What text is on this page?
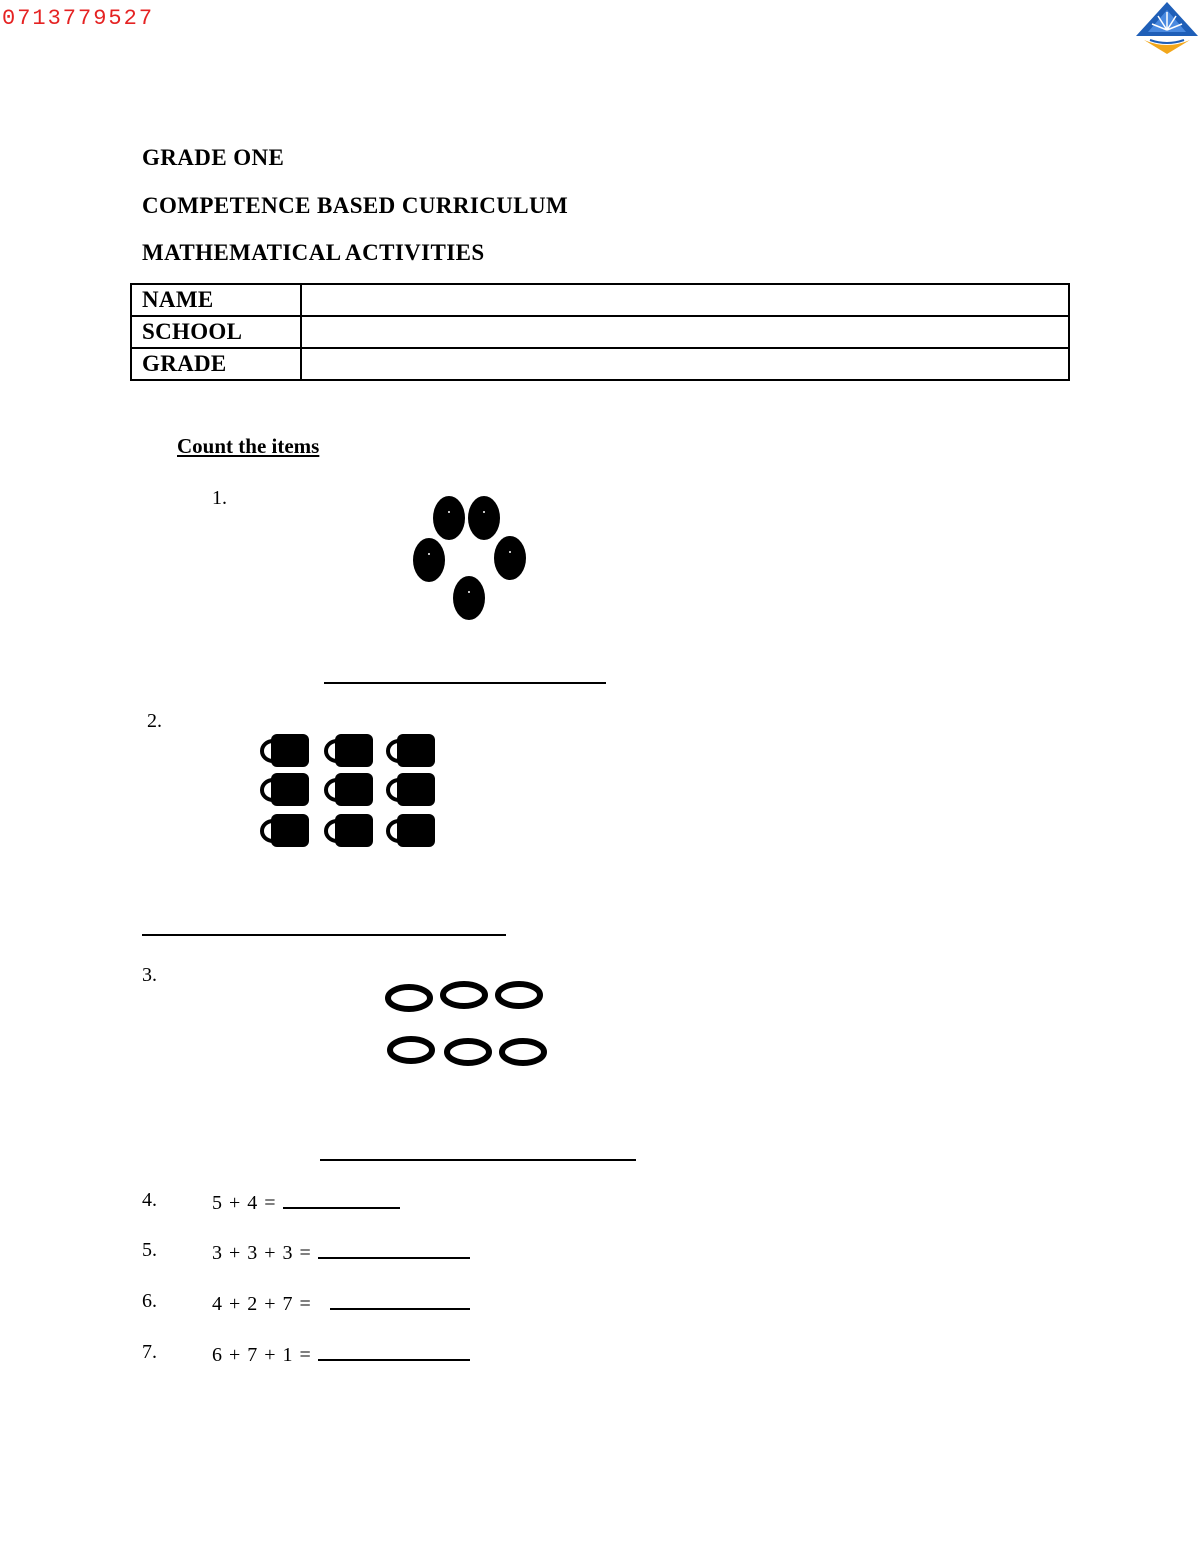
0713779527
GRADE ONE
COMPETENCE BASED CURRICULUM
MATHEMATICAL ACTIVITIES
NAME	
SCHOOL	
GRADE	
Count the items
1.
2.
3.
4.	5 + 4 =
5.	3 + 3 + 3 =
6.	4 + 2 + 7 =
7.	6 + 7 + 1 =
